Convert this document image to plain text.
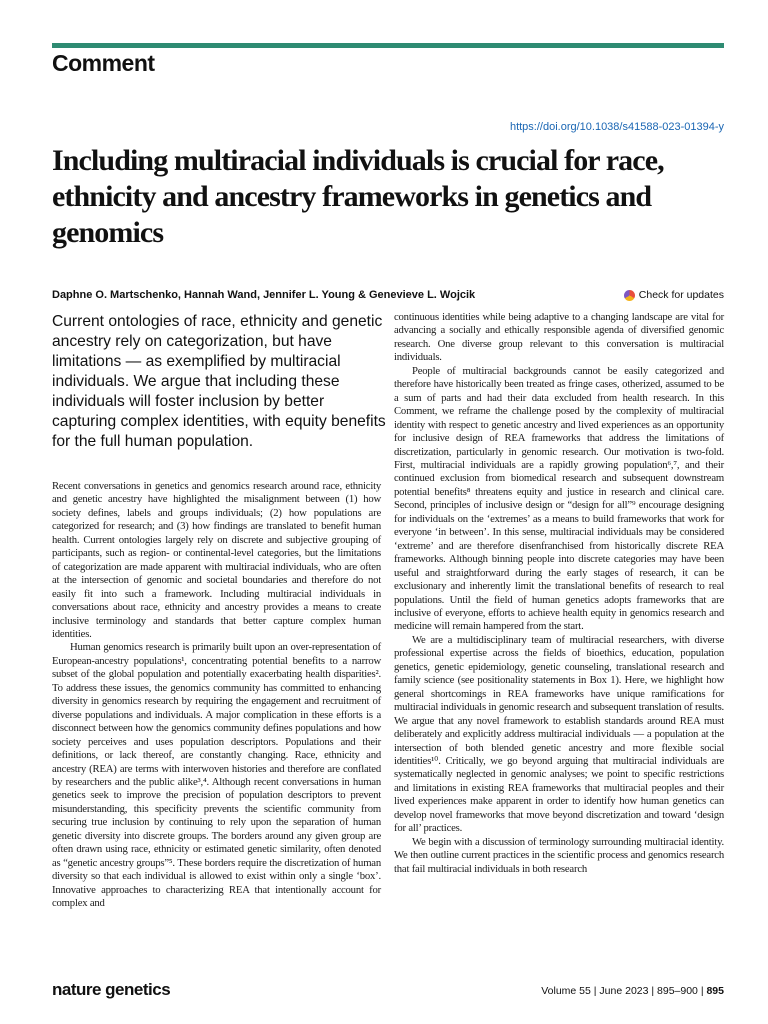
Comment
https://doi.org/10.1038/s41588-023-01394-y
Including multiracial individuals is crucial for race, ethnicity and ancestry frameworks in genetics and genomics
Daphne O. Martschenko, Hannah Wand, Jennifer L. Young & Genevieve L. Wojcik	Check for updates

Current ontologies of race, ethnicity and genetic ancestry rely on categorization, but have limitations — as exemplified by multiracial individuals. We argue that including these individuals will foster inclusion by better capturing complex identities, with equity benefits for the full human population.

Recent conversations in genetics and genomics research around race, ethnicity and genetic ancestry have highlighted the misalignment between (1) how society defines, labels and groups individuals; (2) how populations are categorized for research; and (3) how findings are translated to benefit human health. Current ontologies largely rely on discrete and subjective grouping of participants, such as region- or continental-level categories, but the limitations of categorization are made apparent with multiracial individuals, who are often at the intersection of genomic and societal boundaries and therefore do not easily fit into such a framework. Including multiracial individuals in conversations about race, ethnicity and ancestry provides a means to create inclusive terminology and standards that better capture complex human identities.

Human genomics research is primarily built upon an over-representation of European-ancestry populations¹, concentrating potential benefits to a narrow subset of the global population and potentially exacerbating health disparities². To address these issues, the genomics community has committed to enhancing diversity in genomics research by requiring the engagement and recruitment of diverse populations and individuals. A major complication in these efforts is a disconnect between how the genomics community defines populations and how society perceives and uses population descriptors. Populations and their definitions, or lack thereof, are constantly changing. Race, ethnicity and ancestry (REA) are terms with interwoven histories and therefore are conflated by researchers and the public alike³,⁴. Although recent conversations in human genetics seek to improve the precision of population descriptors to prevent misunderstanding, this specificity prevents the scientific community from securing true inclusion by continuing to rely upon the separation of human genetic diversity into discrete groups. The borders around any given group are often drawn using race, ethnicity or estimated genetic similarity, often denoted as “genetic ancestry groups”⁵. These borders require the discretization of human diversity so that each individual is allowed to exist within only a single ‘box’. Innovative approaches to characterizing REA that intentionally account for complex and

continuous identities while being adaptive to a changing landscape are vital for advancing a socially and ethically responsible agenda of diversified genomic research. One diverse group relevant to this conversation is multiracial individuals.

People of multiracial backgrounds cannot be easily categorized and therefore have historically been treated as fringe cases, otherized, assumed to be a sum of parts and had their data excluded from health research. In this Comment, we reframe the challenge posed by the complexity of multiracial identity with respect to genetic ancestry and lived experiences as an opportunity for inclusive design of REA frameworks that address the limitations of discretization, particularly in genomic research. Our motivation is two-fold. First, multiracial individuals are a rapidly growing population⁶,⁷, and their continued exclusion from biomedical research and subsequent downstream potential benefits⁸ threatens equity and justice in research and clinical care. Second, principles of inclusive design or “design for all”⁹ encourage designing for individuals on the ‘extremes’ as a means to build frameworks that work for everyone ‘in between’. In this sense, multiracial individuals may be considered ‘extreme’ and are therefore disenfranchised from historically discrete REA frameworks. Although binning people into discrete categories may have been useful and straightforward during the early stages of research, it can be exclusionary and inherently limit the translational benefits of research to real populations. Until the field of human genetics adopts frameworks that are inclusive of everyone, efforts to achieve health equity in genomics research and medicine will remain hampered from the start.

We are a multidisciplinary team of multiracial researchers, with diverse professional expertise across the fields of bioethics, education, population genetics, genetic epidemiology, genetic counseling, translational research and family science (see positionality statements in Box 1). Here, we highlight how general shortcomings in REA frameworks have unique ramifications for multiracial individuals in genomic research and subsequent translation of results. We argue that any novel framework to establish standards around REA must deliberately and explicitly address multiracial individuals — a population at the intersection of both blended genetic ancestry and more flexible social identities¹⁰. Critically, we go beyond arguing that multiracial individuals are systematically neglected in genomic analyses; we point to specific restrictions and limitations in existing REA frameworks that multiracial peoples and their lived experiences make apparent in order to identify how human genetics can develop novel frameworks that move beyond discretization and toward ‘design for all’ practices.

We begin with a discussion of terminology surrounding multiracial identity. We then outline current practices in the scientific process and genomics research that fail multiracial individuals in both research

nature genetics	Volume 55 | June 2023 | 895–900 | 895
